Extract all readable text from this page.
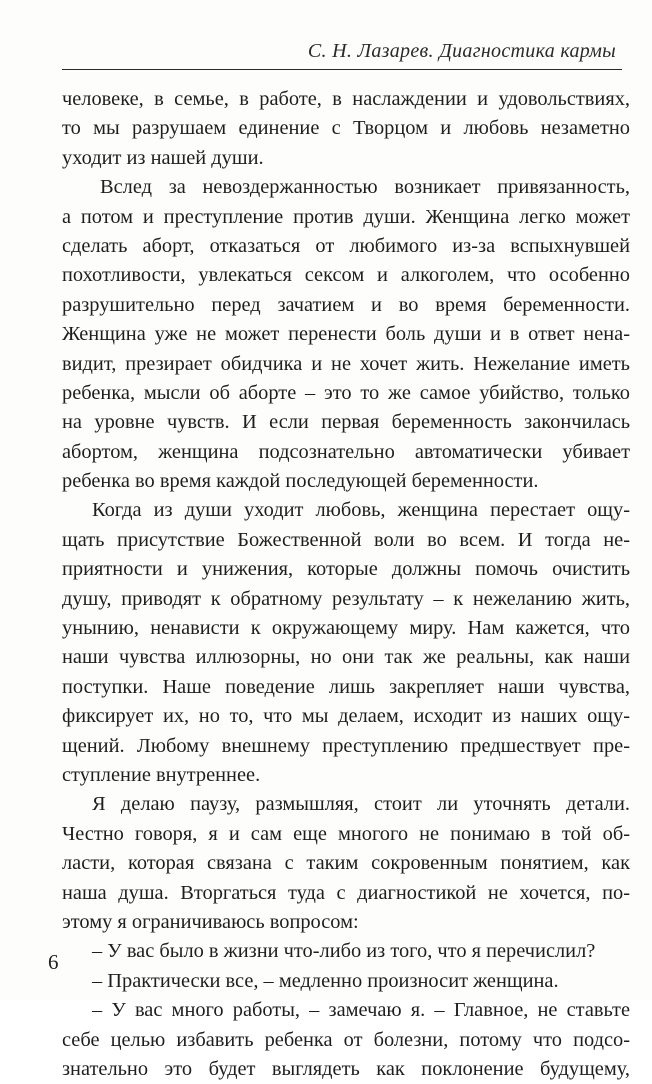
С. Н. Лазарев. Диагностика кармы
человеке, в семье, в работе, в наслаждении и удовольствиях,
то мы разрушаем единение с Творцом и любовь незаметно
уходит из нашей души.
Вслед за невоздержанностью возникает привязанность,
а потом и преступление против души. Женщина легко может
сделать аборт, отказаться от любимого из-за вспыхнувшей
похотливости, увлекаться сексом и алкоголем, что особенно
разрушительно перед зачатием и во время беременности.
Женщина уже не может перенести боль души и в ответ нена-
видит, презирает обидчика и не хочет жить. Нежелание иметь
ребенка, мысли об аборте – это то же самое убийство, только
на уровне чувств. И если первая беременность закончилась
абортом, женщина подсознательно автоматически убивает
ребенка во время каждой последующей беременности.
Когда из души уходит любовь, женщина перестает ощу-
щать присутствие Божественной воли во всем. И тогда не-
приятности и унижения, которые должны помочь очистить
душу, приводят к обратному результату – к нежеланию жить,
унынию, ненависти к окружающему миру. Нам кажется, что
наши чувства иллюзорны, но они так же реальны, как наши
поступки. Наше поведение лишь закрепляет наши чувства,
фиксирует их, но то, что мы делаем, исходит из наших ощу-
щений. Любому внешнему преступлению предшествует пре-
ступление внутреннее.
Я делаю паузу, размышляя, стоит ли уточнять детали.
Честно говоря, я и сам еще многого не понимаю в той об-
ласти, которая связана с таким сокровенным понятием, как
наша душа. Вторгаться туда с диагностикой не хочется, по-
этому я ограничиваюсь вопросом:
– У вас было в жизни что-либо из того, что я перечислил?
– Практически все, – медленно произносит женщина.
– У вас много работы, – замечаю я. – Главное, не ставьте
себе целью избавить ребенка от болезни, потому что подсо-
знательно это будет выглядеть как поклонение будущему,
6
